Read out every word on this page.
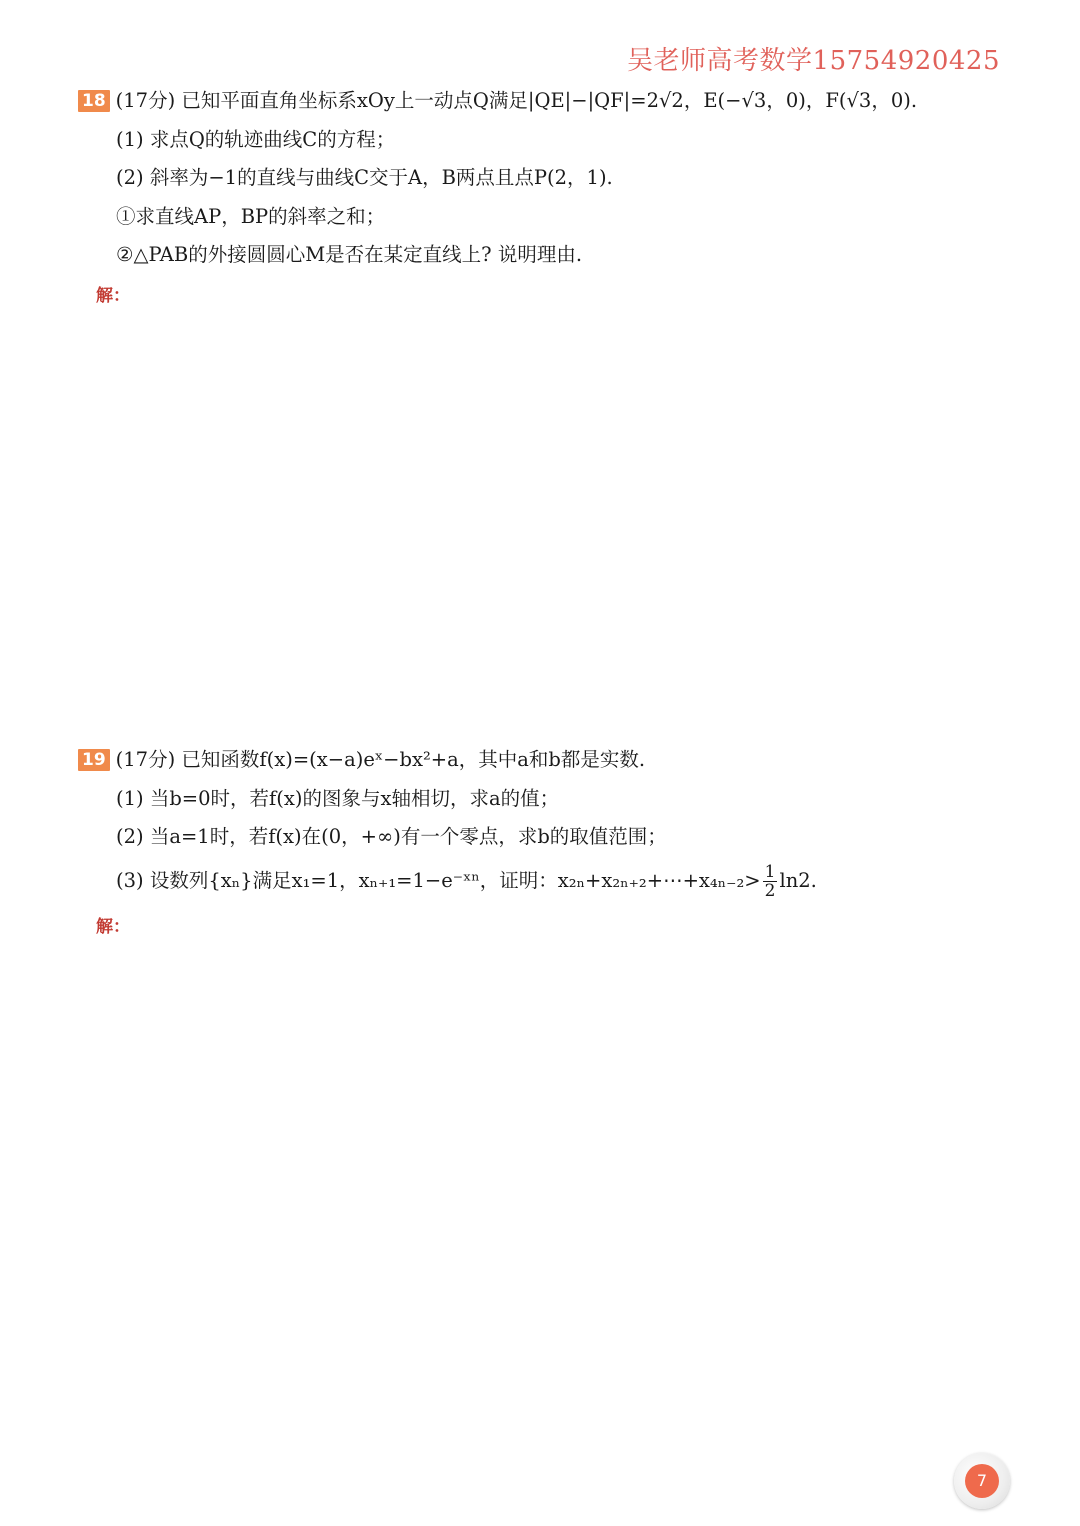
吴老师高考数学15754920425
18 (17分) 已知平面直角坐标系xOy上一动点Q满足|QE|−|QF|=2√2，E(−√3，0)，F(√3，0).
(1) 求点Q的轨迹曲线C的方程；
(2) 斜率为−1的直线与曲线C交于A，B两点且点P(2，1).
①求直线AP，BP的斜率之和；
②△PAB的外接圆圆心M是否在某定直线上? 说明理由.
解：
19 (17分) 已知函数f(x)=(x−a)eˣ−bx²+a，其中a和b都是实数.
(1) 当b=0时，若f(x)的图象与x轴相切，求a的值；
(2) 当a=1时，若f(x)在(0，+∞)有一个零点，求b的取值范围；
(3) 设数列{xₙ}满足x₁=1，xₙ₊₁=1−e⁻ˣⁿ，证明：x₂ₙ+x₂ₙ₊₂+⋯+x₄ₙ₋₂> $\frac{1}{2} \ln 2$.
解：
7
